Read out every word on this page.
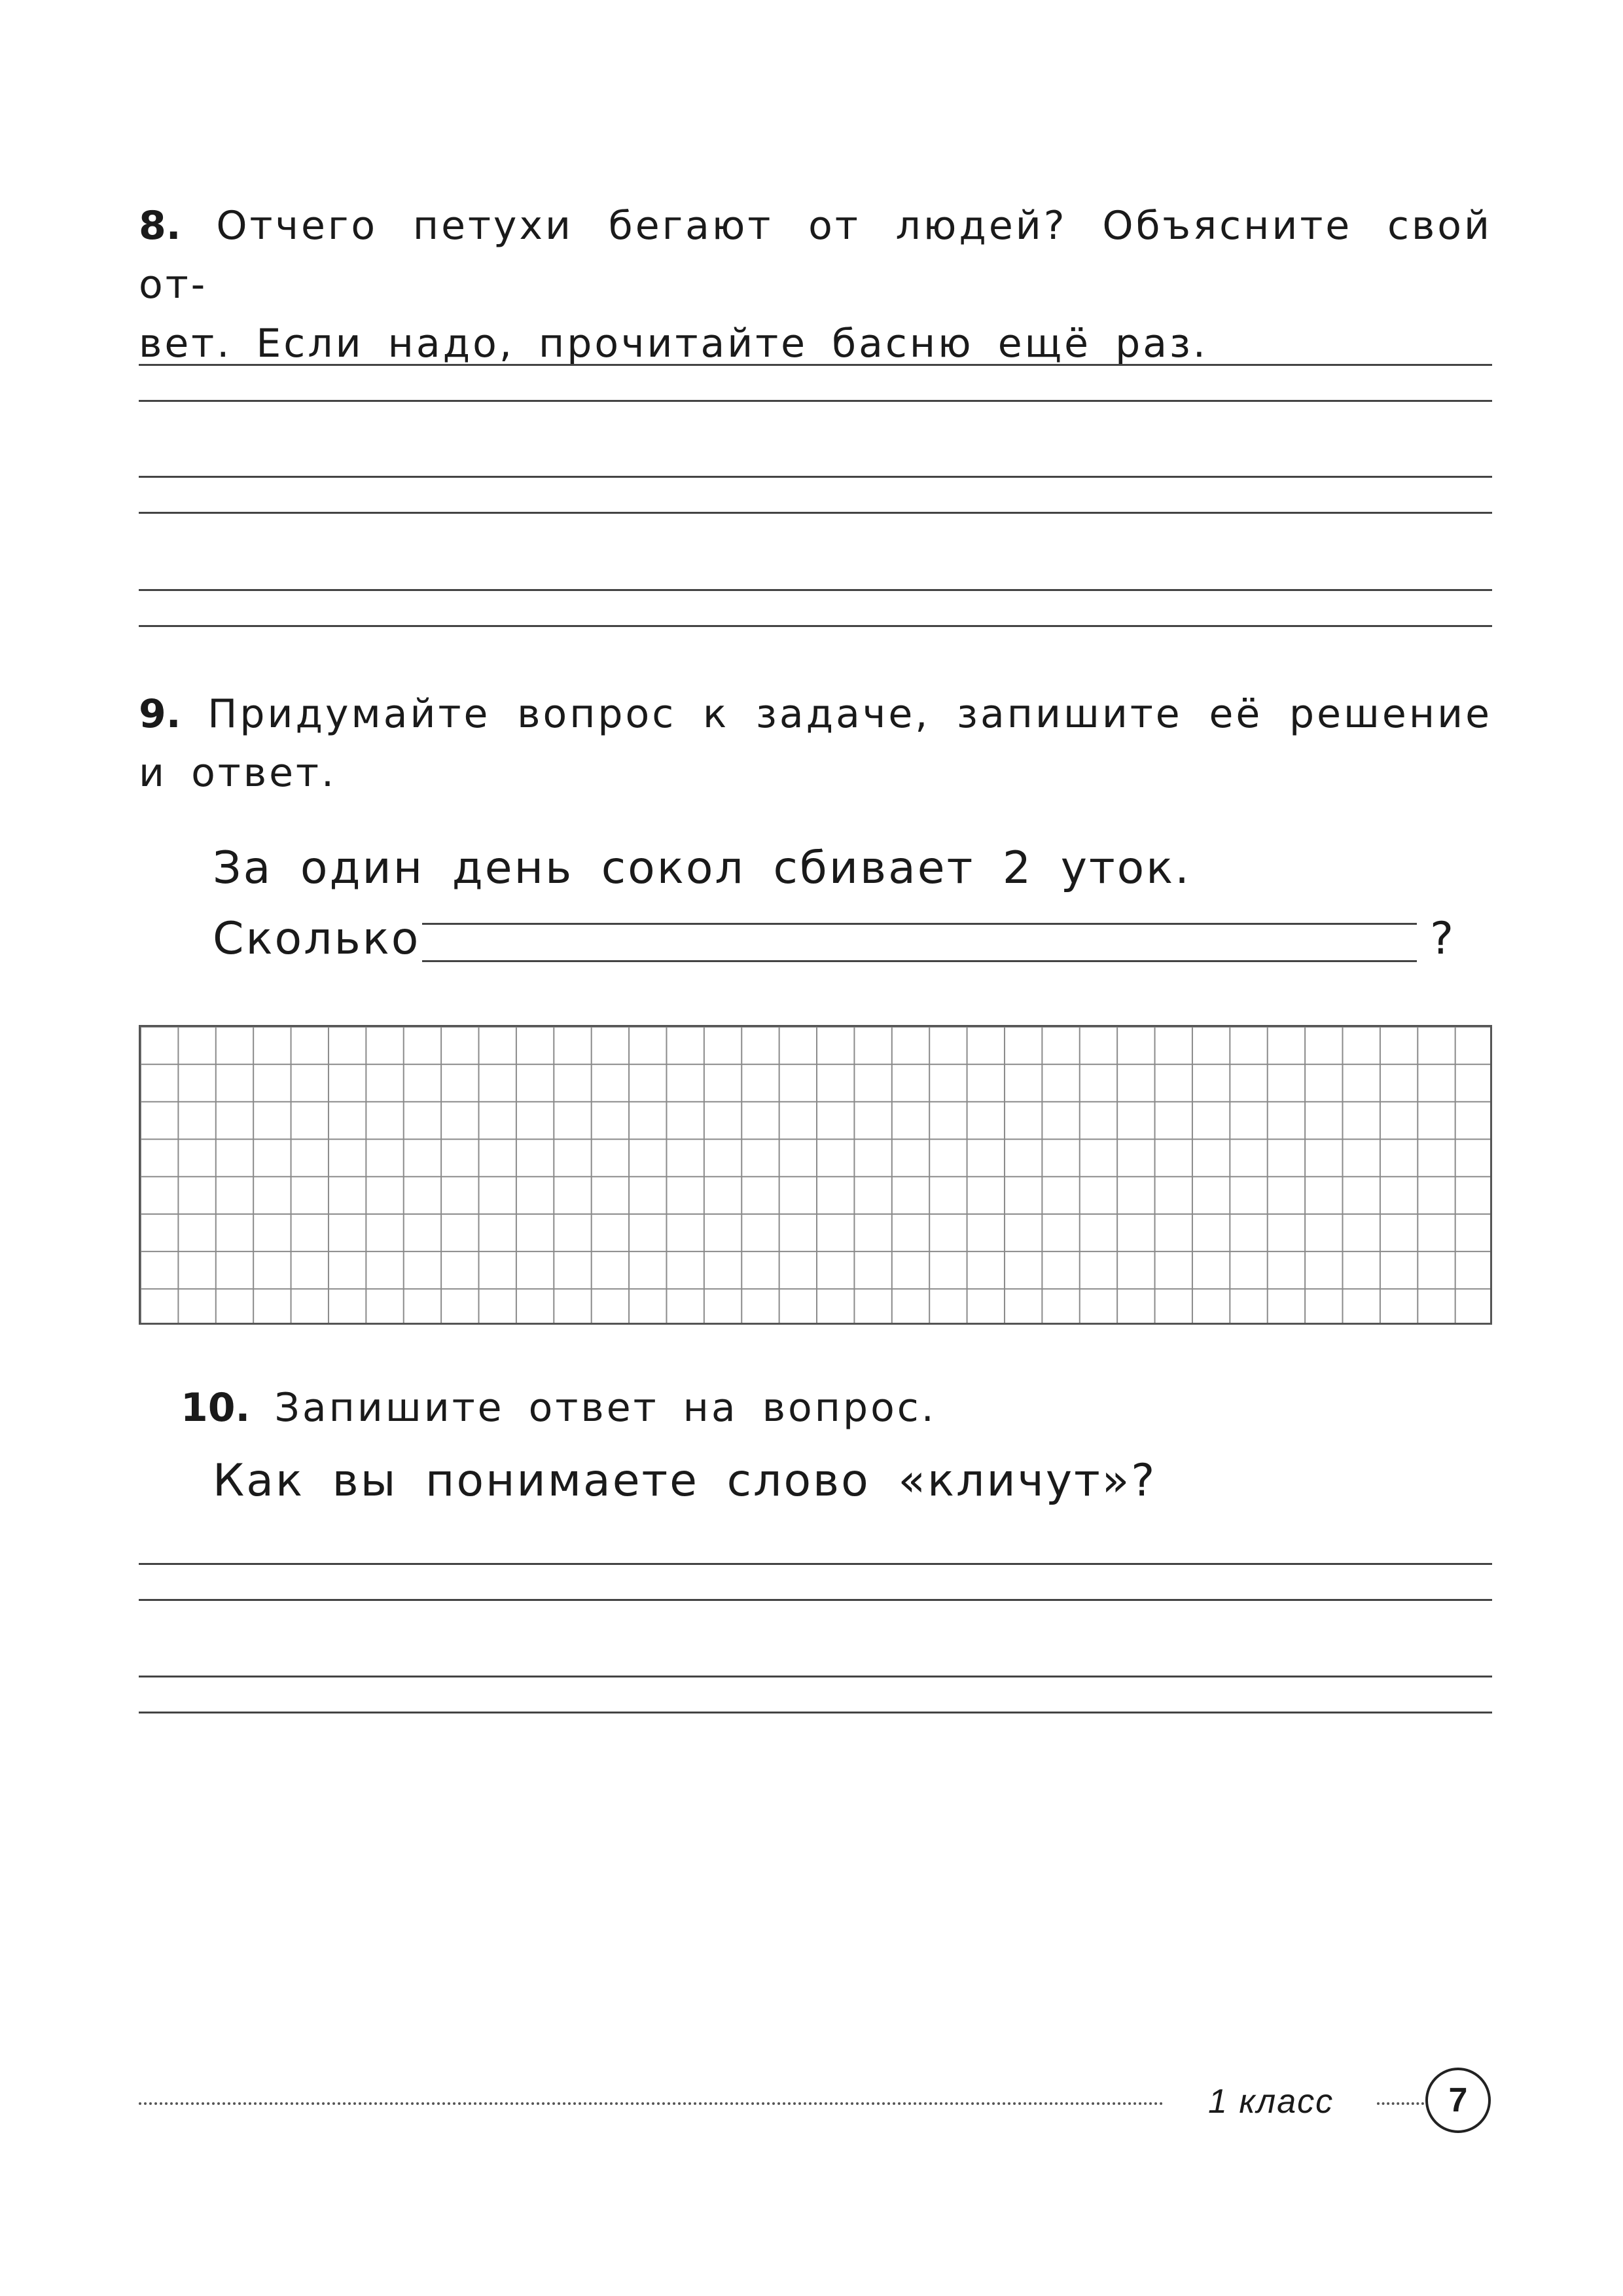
8. Отчего петухи бегают от людей? Объясните свой от-
вет. Если надо, прочитайте басню ещё раз.
9. Придумайте вопрос к задаче, запишите её решение
и ответ.
За один день сокол сбивает 2 уток.
Сколько	?
10. Запишите ответ на вопрос.
Как вы понимаете слово «кличут»?
1 класс	7
